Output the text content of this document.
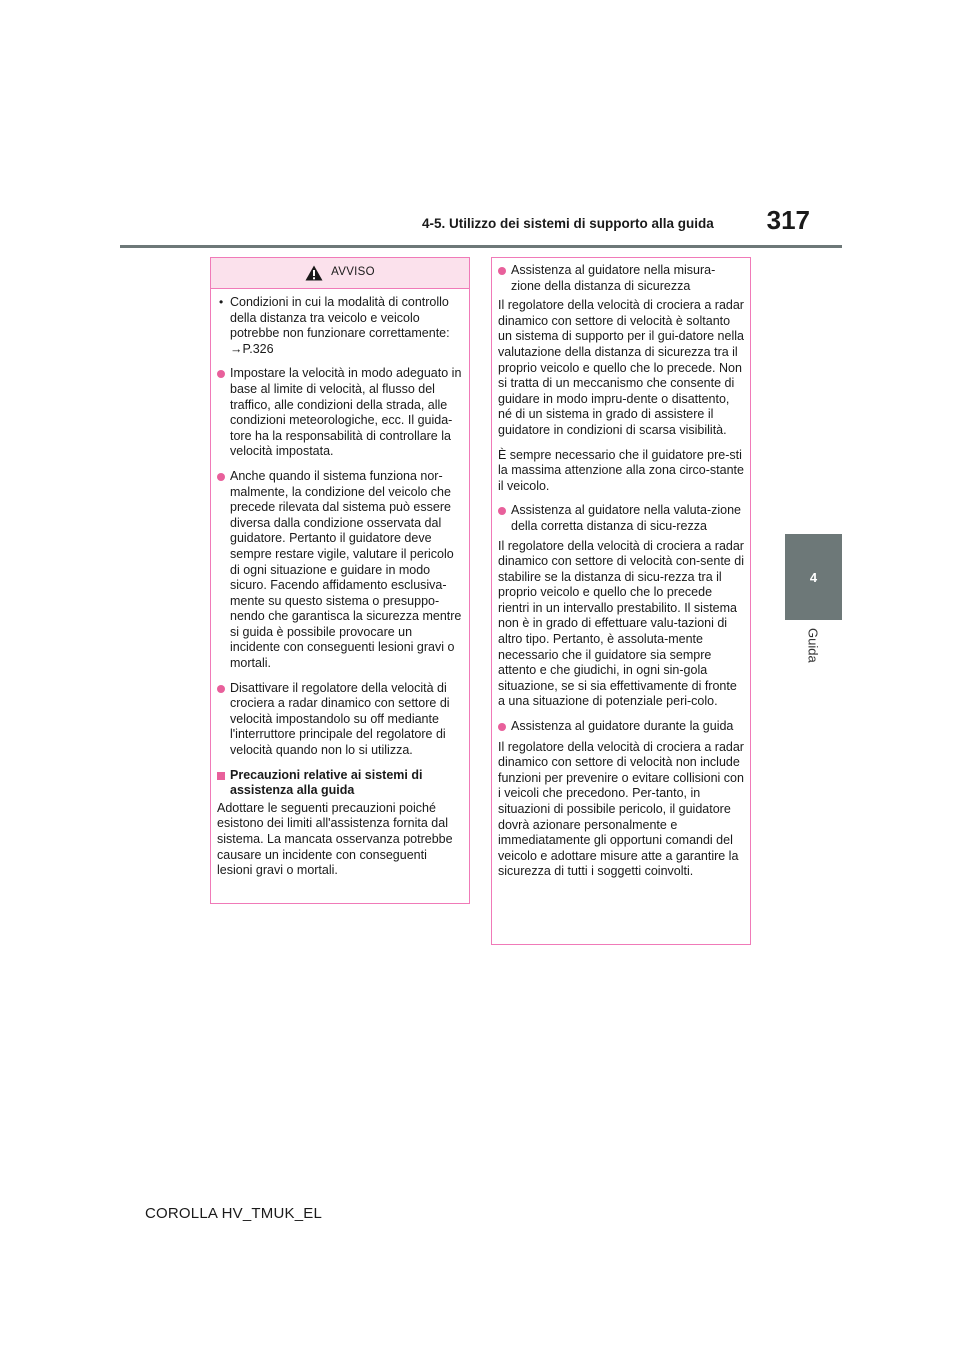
4-5. Utilizzo dei sistemi di supporto alla guida	317
4
Guida
AVVISO
• Condizioni in cui la modalità di controllo della distanza tra veicolo e veicolo potrebbe non funzionare correttamente:
→P.326
Impostare la velocità in modo adeguato in base al limite di velocità, al flusso del traffico, alle condizioni della strada, alle condizioni meteorologiche, ecc. Il guida-tore ha la responsabilità di controllare la velocità impostata.
Anche quando il sistema funziona nor-malmente, la condizione del veicolo che precede rilevata dal sistema può essere diversa dalla condizione osservata dal guidatore. Pertanto il guidatore deve sempre restare vigile, valutare il pericolo di ogni situazione e guidare in modo sicuro. Facendo affidamento esclusiva-mente su questo sistema o presuppo-nendo che garantisca la sicurezza mentre si guida è possibile provocare un incidente con conseguenti lesioni gravi o mortali.
Disattivare il regolatore della velocità di crociera a radar dinamico con settore di velocità impostandolo su off mediante l'interruttore principale del regolatore di velocità quando non lo si utilizza.
Precauzioni relative ai sistemi di assistenza alla guida

Adottare le seguenti precauzioni poiché esistono dei limiti all'assistenza fornita dal sistema. La mancata osservanza potrebbe causare un incidente con conseguenti lesioni gravi o mortali.

Assistenza al guidatore nella misura-zione della distanza di sicurezza

Il regolatore della velocità di crociera a radar dinamico con settore di velocità è soltanto un sistema di supporto per il gui-datore nella valutazione della distanza di sicurezza tra il proprio veicolo e quello che lo precede. Non si tratta di un meccanismo che consente di guidare in modo impru-dente o disattento, né di un sistema in grado di assistere il guidatore in condizioni di scarsa visibilità.

È sempre necessario che il guidatore pre-sti la massima attenzione alla zona circo-stante il veicolo.

Assistenza al guidatore nella valuta-zione della corretta distanza di sicu-rezza

Il regolatore della velocità di crociera a radar dinamico con settore di velocità con-sente di stabilire se la distanza di sicu-rezza tra il proprio veicolo e quello che lo precede rientri in un intervallo prestabilito. Il sistema non è in grado di effettuare valu-tazioni di altro tipo. Pertanto, è assoluta-mente necessario che il guidatore sia sempre attento e che giudichi, in ogni sin-gola situazione, se si sia effettivamente di fronte a una situazione di potenziale peri-colo.

Assistenza al guidatore durante la guida

Il regolatore della velocità di crociera a radar dinamico con settore di velocità non include funzioni per prevenire o evitare collisioni con i veicoli che precedono. Per-tanto, in situazioni di possibile pericolo, il guidatore dovrà azionare personalmente e immediatamente gli opportuni comandi del veicolo e adottare misure atte a garantire la sicurezza di tutti i soggetti coinvolti.

COROLLA HV_TMUK_EL
